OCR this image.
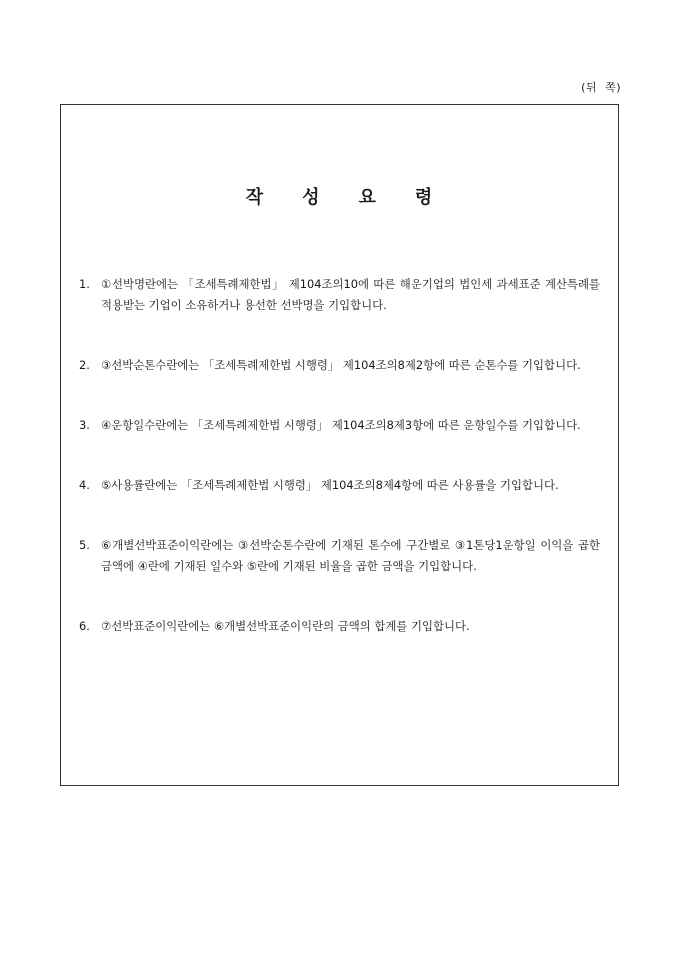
(뒤  쪽)
작 성 요 령
1. ①선박명란에는 「조세특례제한법」 제104조의10에 따른 해운기업의 법인세 과세표준 계산특례를 적용받는 기업이 소유하거나 용선한 선박명을 기입합니다.
2. ③선박순톤수란에는 「조세특례제한법 시행령」 제104조의8제2항에 따른 순톤수를 기입합니다.
3. ④운항일수란에는 「조세특례제한법 시행령」 제104조의8제3항에 따른 운항일수를 기입합니다.
4. ⑤사용률란에는 「조세특례제한법 시행령」 제104조의8제4항에 따른 사용률을 기입합니다.
5. ⑥개별선박표준이익란에는 ③선박순톤수란에 기재된 톤수에 구간별로 ③1톤당1운항일 이익을 곱한 금액에 ④란에 기재된 일수와 ⑤란에 기재된 비율을 곱한 금액을 기입합니다.
6. ⑦선박표준이익란에는 ⑥개별선박표준이익란의 금액의 합계를 기입합니다.
